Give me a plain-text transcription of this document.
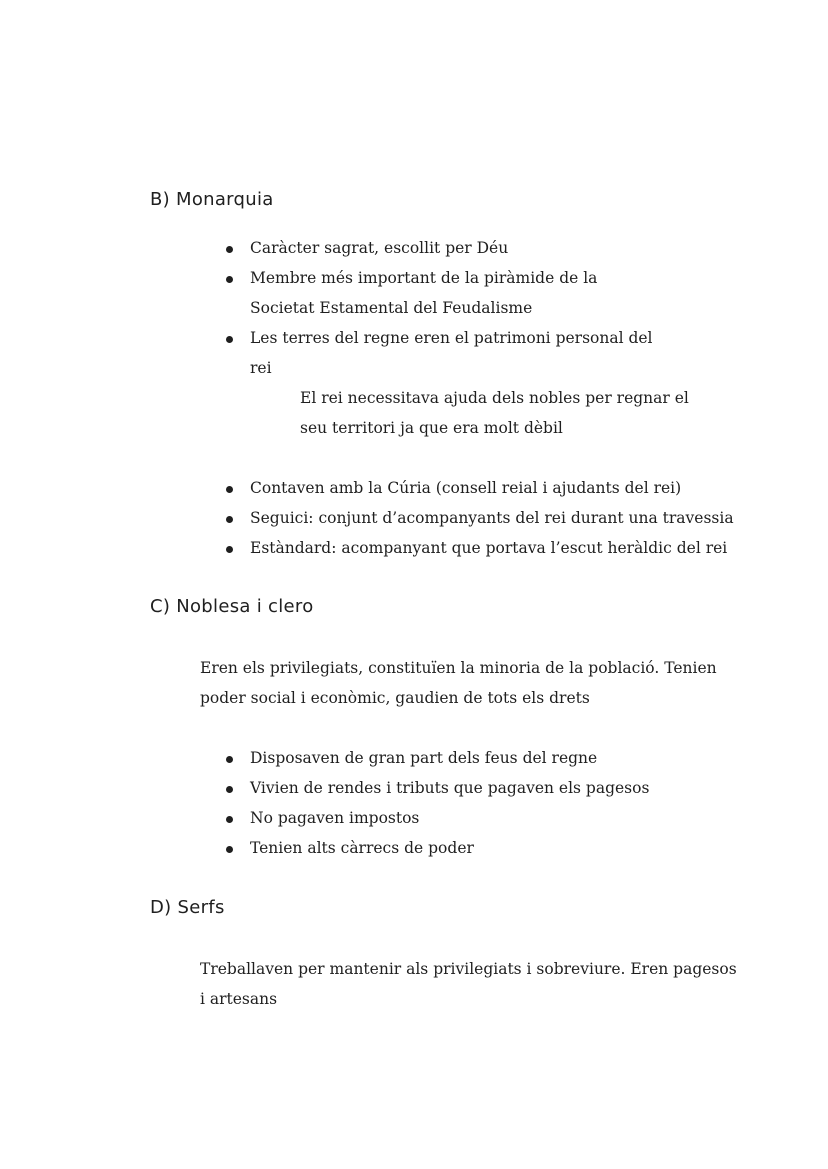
B) Monarquia
Caràcter sagrat, escollit per Déu
Membre més important de la piràmide de la Societat Estamental del Feudalisme
Les terres del regne eren el patrimoni personal del rei

El rei necessitava ajuda dels nobles per regnar el seu territori ja que era molt dèbil

Contaven amb la Cúria (consell reial i ajudants del rei)
Seguici: conjunt d’acompanyants del rei durant una travessia
Estàndard: acompanyant que portava l’escut heràldic del rei
C) Noblesa i clero

Eren els privilegiats, constituïen la minoria de la població. Tenien poder social i econòmic, gaudien de tots els drets

Disposaven de gran part dels feus del regne
Vivien de rendes i tributs que pagaven els pagesos
No pagaven impostos
Tenien alts càrrecs de poder
D) Serfs

Treballaven per mantenir als privilegiats i sobreviure. Eren pagesos i artesans
